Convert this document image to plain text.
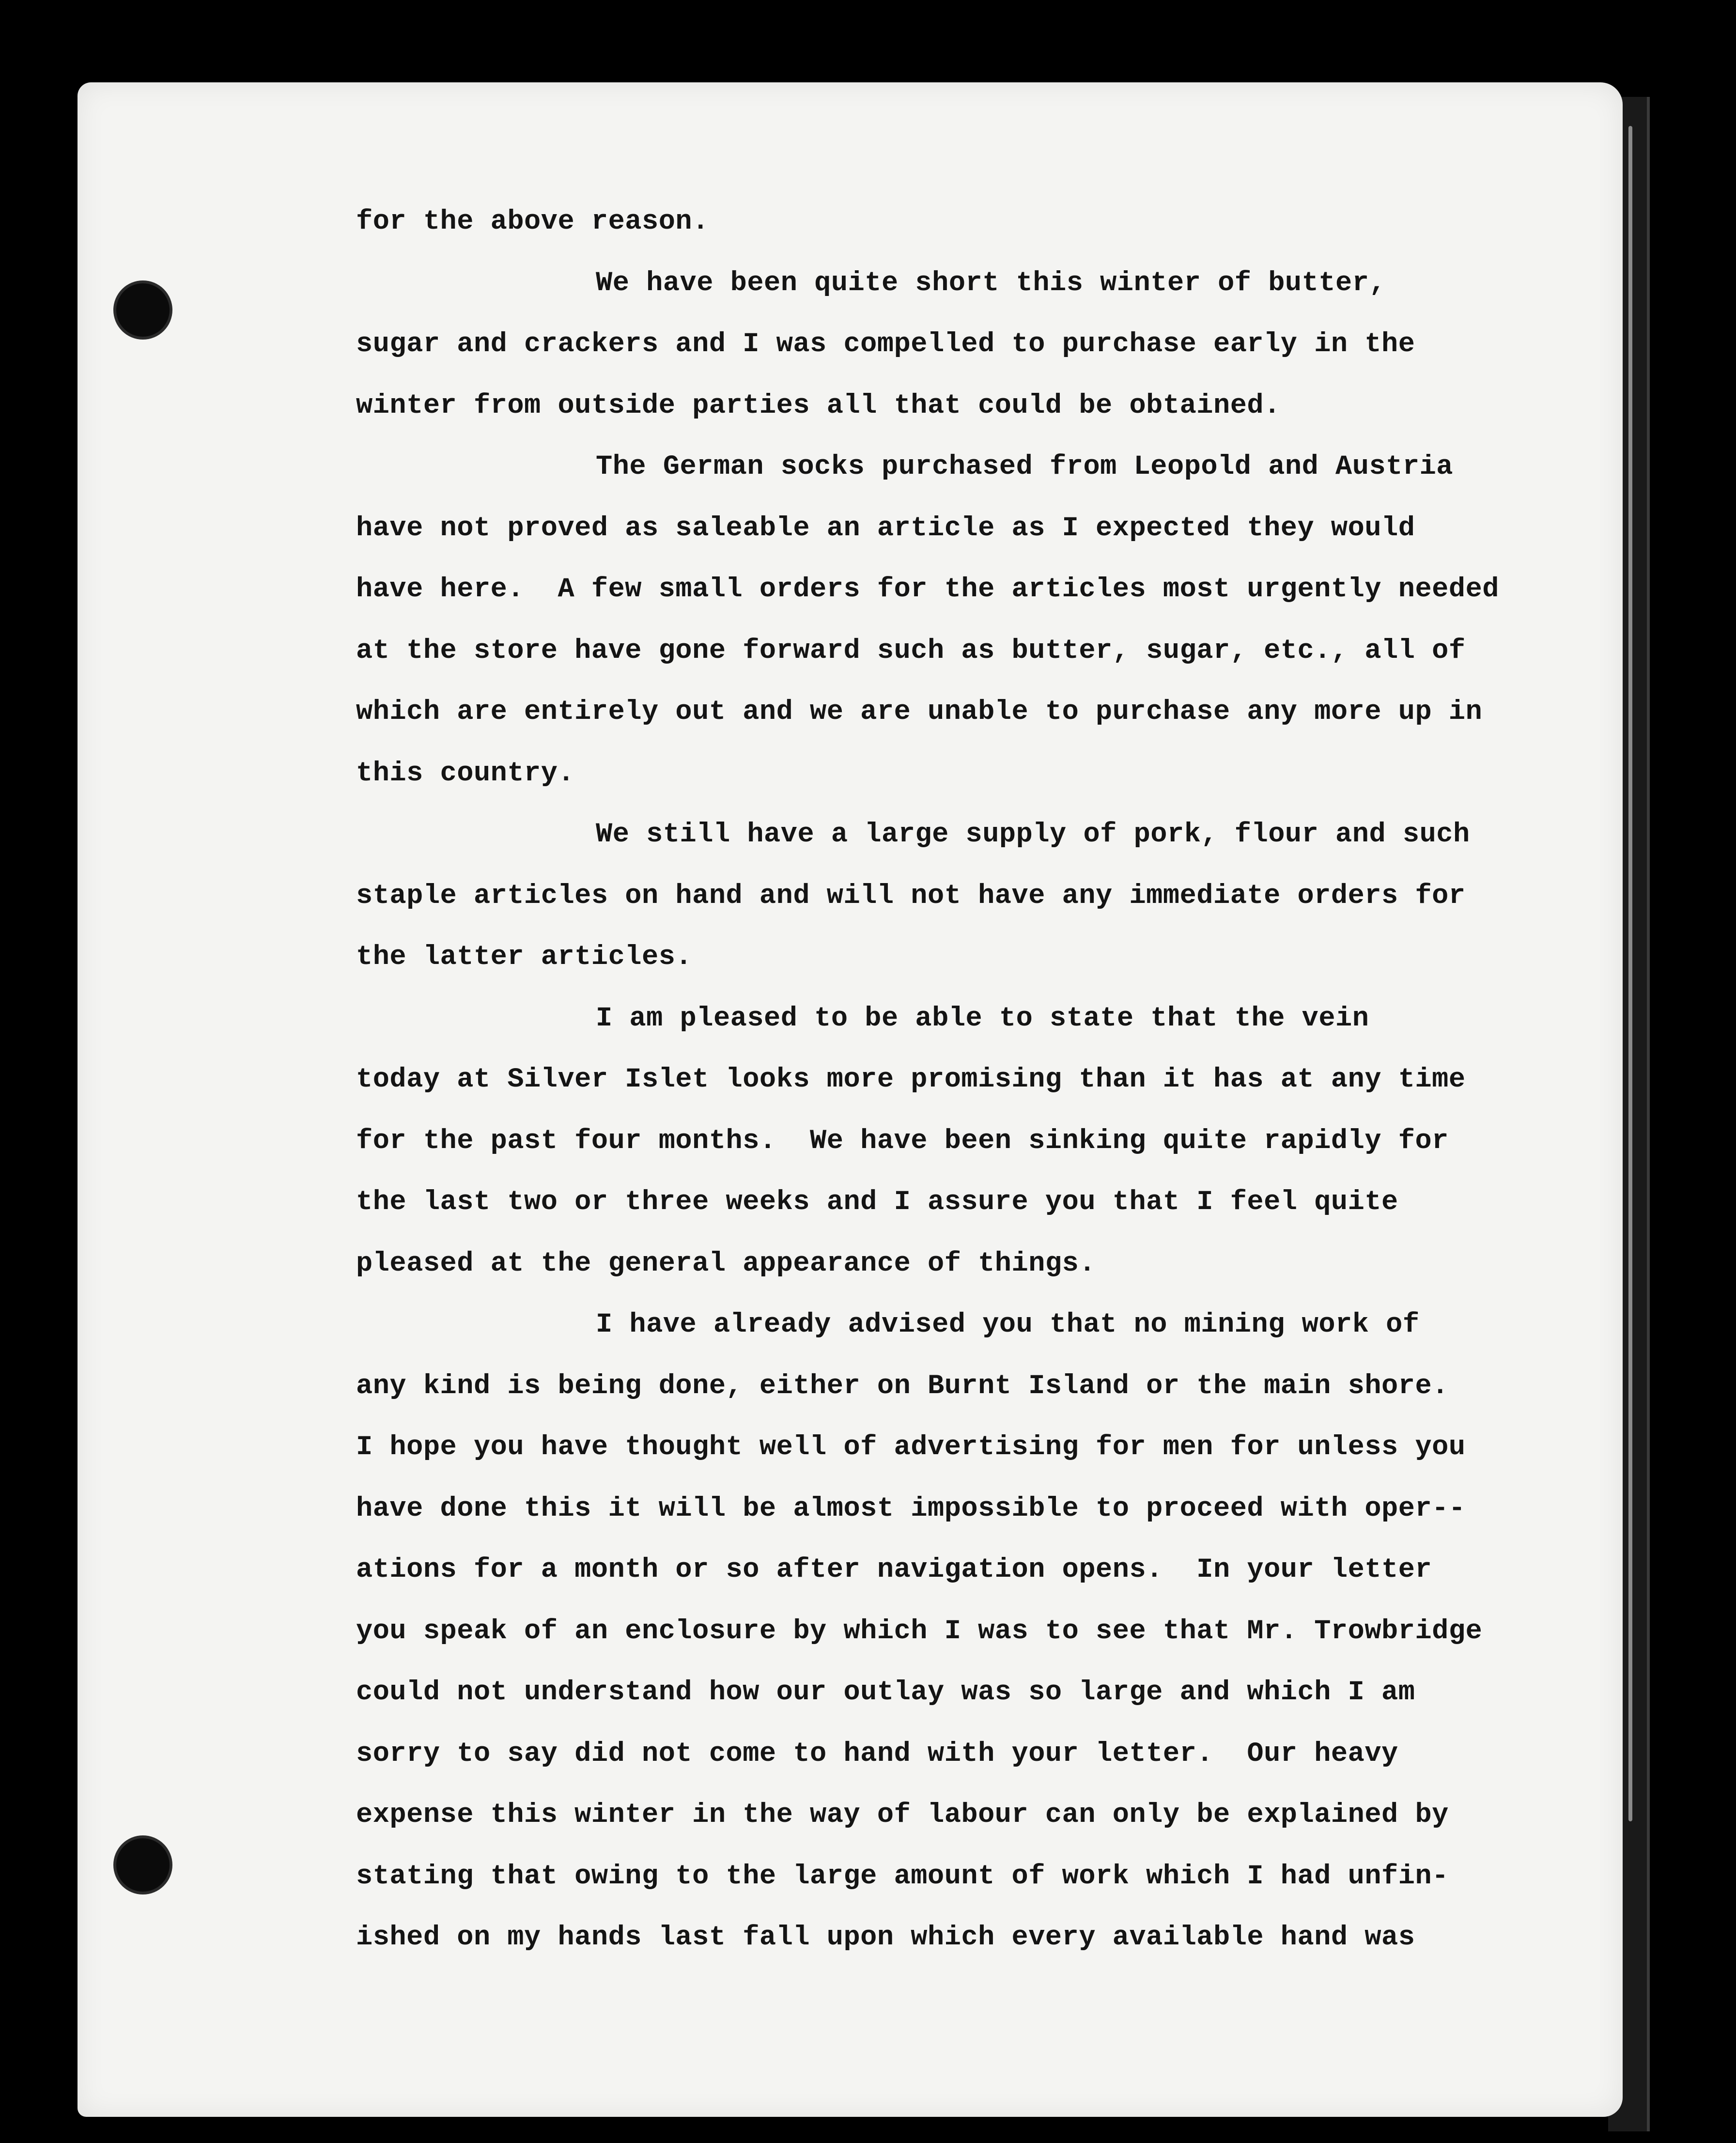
for the above reason.
We have been quite short this winter of butter,
sugar and crackers and I was compelled to purchase early in the
winter from outside parties all that could be obtained.
The German socks purchased from Leopold and Austria
have not proved as saleable an article as I expected they would
have here.  A few small orders for the articles most urgently needed
at the store have gone forward such as butter, sugar, etc., all of
which are entirely out and we are unable to purchase any more up in
this country.
We still have a large supply of pork, flour and such
staple articles on hand and will not have any immediate orders for
the latter articles.
I am pleased to be able to state that the vein
today at Silver Islet looks more promising than it has at any time
for the past four months.  We have been sinking quite rapidly for
the last two or three weeks and I assure you that I feel quite
pleased at the general appearance of things.
I have already advised you that no mining work of
any kind is being done, either on Burnt Island or the main shore.
I hope you have thought well of advertising for men for unless you
have done this it will be almost impossible to proceed with oper--
ations for a month or so after navigation opens.  In your letter
you speak of an enclosure by which I was to see that Mr. Trowbridge
could not understand how our outlay was so large and which I am
sorry to say did not come to hand with your letter.  Our heavy
expense this winter in the way of labour can only be explained by
stating that owing to the large amount of work which I had unfin-
ished on my hands last fall upon which every available hand was
